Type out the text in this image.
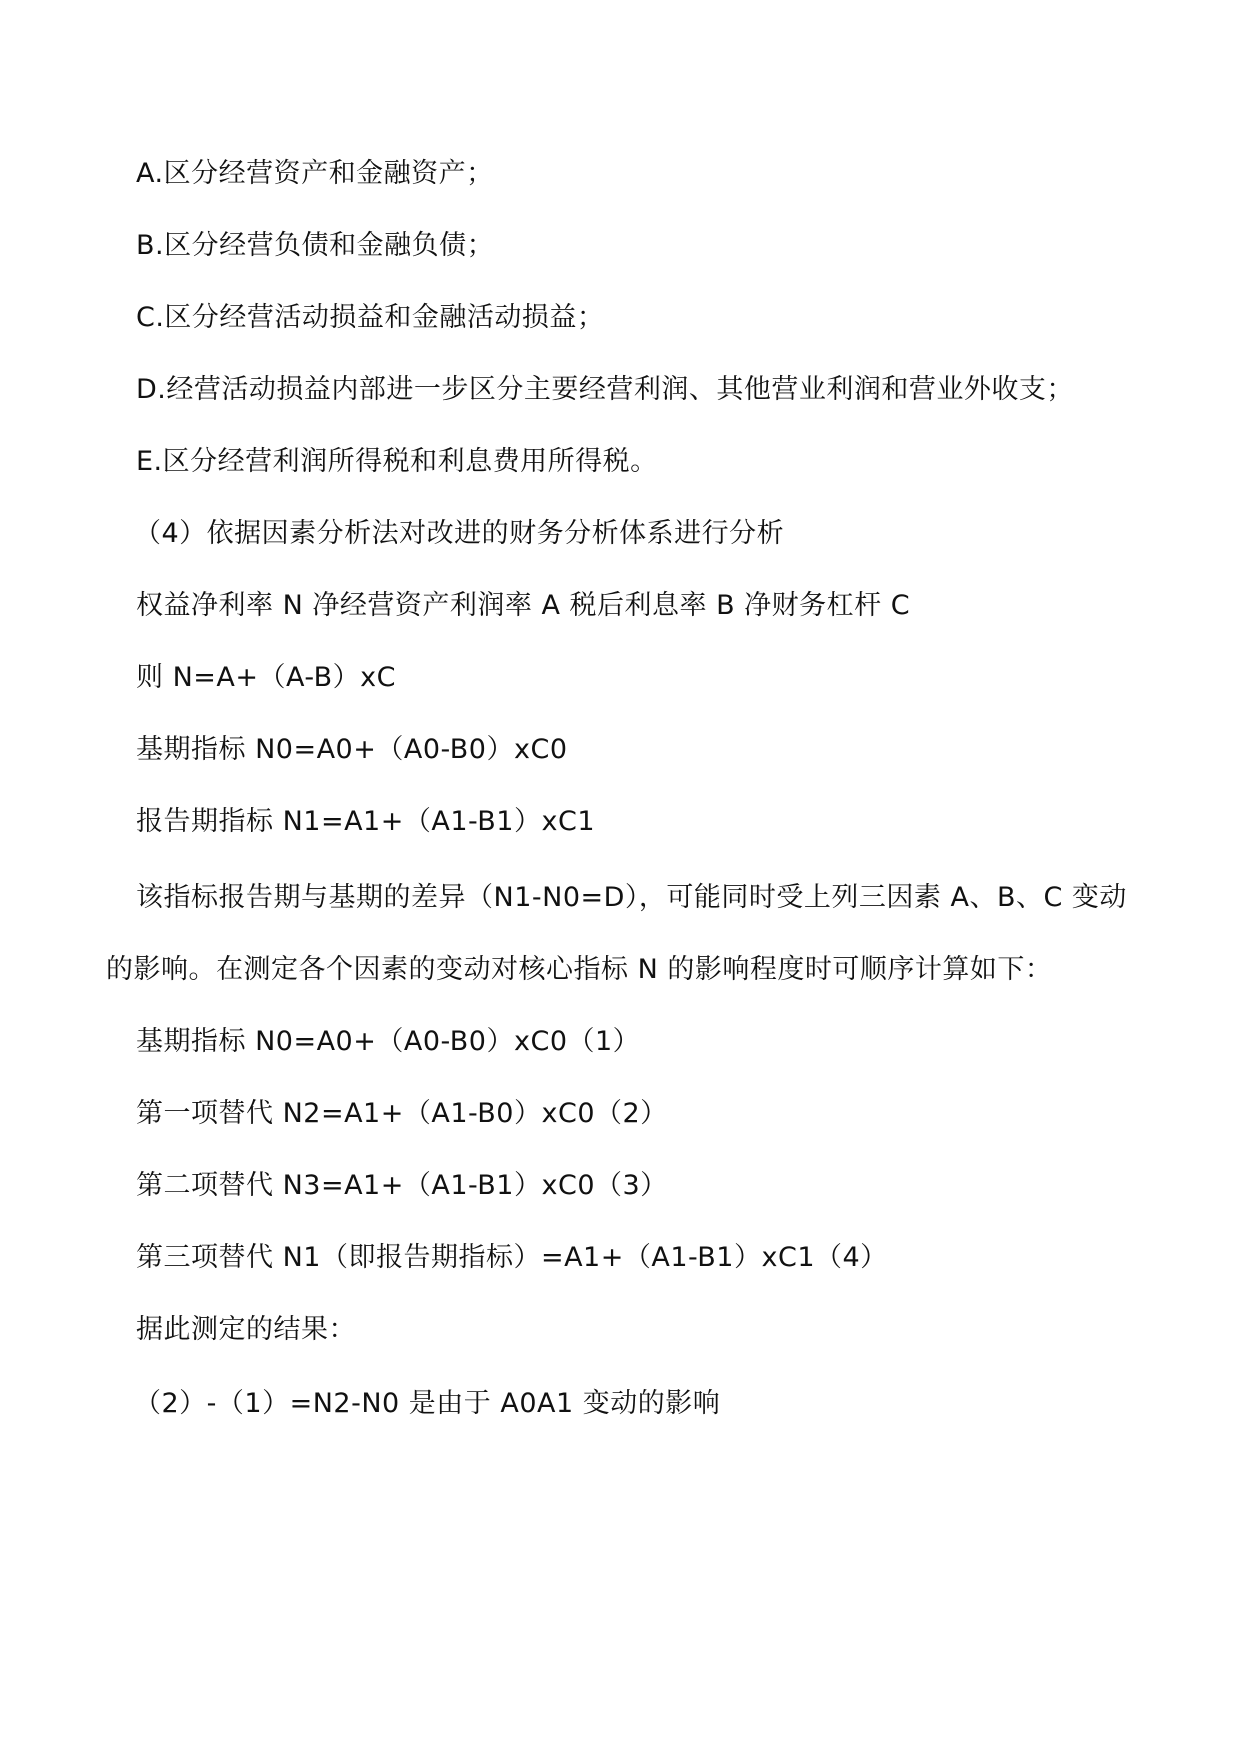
A.区分经营资产和金融资产；
B.区分经营负债和金融负债；
C.区分经营活动损益和金融活动损益；
D.经营活动损益内部进一步区分主要经营利润、其他营业利润和营业外收支；
E.区分经营利润所得税和利息费用所得税。
（4）依据因素分析法对改进的财务分析体系进行分析
权益净利率 N 净经营资产利润率 A 税后利息率 B 净财务杠杆 C
则 N=A+（A-B）xC
基期指标 N0=A0+（A0-B0）xC0
报告期指标 N1=A1+（A1-B1）xC1
该指标报告期与基期的差异（N1-N0=D），可能同时受上列三因素 A、B、C 变动
的影响。在测定各个因素的变动对核心指标 N 的影响程度时可顺序计算如下：
基期指标 N0=A0+（A0-B0）xC0（1）
第一项替代 N2=A1+（A1-B0）xC0（2）
第二项替代 N3=A1+（A1-B1）xC0（3）
第三项替代 N1（即报告期指标）=A1+（A1-B1）xC1（4）
据此测定的结果：
（2）-（1）=N2-N0 是由于 A0A1 变动的影响
